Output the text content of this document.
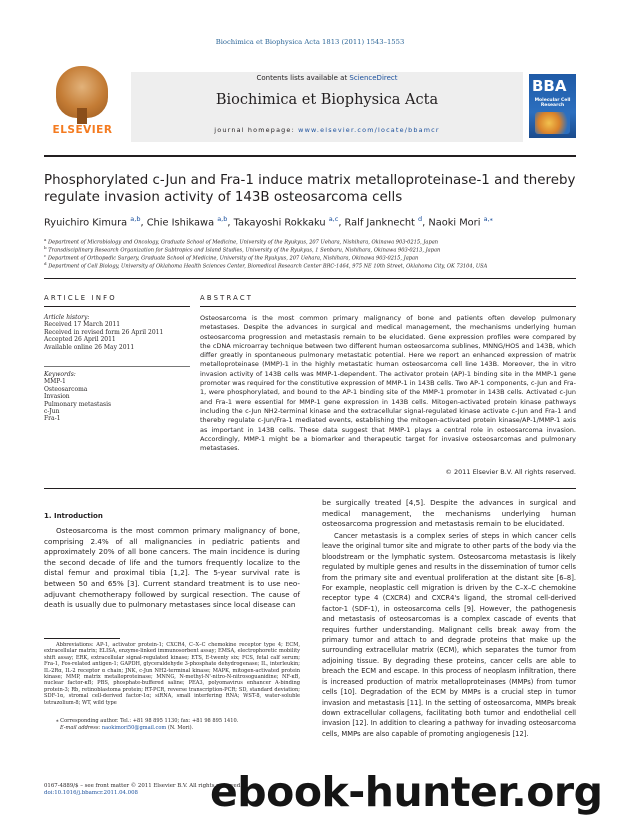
Biochimica et Biophysica Acta 1813 (2011) 1543–1553
ELSEVIER
Contents lists available at ScienceDirect
Biochimica et Biophysica Acta
journal homepage: www.elsevier.com/locate/bbamcr
BBA
Molecular Cell Research
Phosphorylated c-Jun and Fra-1 induce matrix metalloproteinase-1 and thereby regulate invasion activity of 143B osteosarcoma cells
Ryuichiro Kimura $^{a,b}$, Chie Ishikawa $^{a,b}$, Takayoshi Rokkaku $^{a,c}$, Ralf Janknecht $^d$, Naoki Mori $^{a,⁎}$
$^a$ Department of Microbiology and Oncology, Graduate School of Medicine, University of the Ryukyus, 207 Uehara, Nishihara, Okinawa 903-0215, Japan
$^b$ Transdisciplinary Research Organization for Subtropics and Island Studies, University of the Ryukyus, 1 Senbaru, Nishihara, Okinawa 903-0213, Japan
$^c$ Department of Orthopedic Surgery, Graduate School of Medicine, University of the Ryukyus, 207 Uehara, Nishihara, Okinawa 903-0215, Japan
$^d$ Department of Cell Biology, University of Oklahoma Health Sciences Center, Biomedical Research Center BRC-1464, 975 NE 10th Street, Oklahoma City, OK 73104, USA
ARTICLE INFO	ABSTRACT
Article history:
Received 17 March 2011
Received in revised form 26 April 2011
Accepted 26 April 2011
Available online 26 May 2011
Keywords:
MMP-1
Osteosarcoma
Invasion
Pulmonary metastasis
c-Jun
Fra-1
Osteosarcoma is the most common primary malignancy of bone and patients often develop pulmonary metastases. Despite the advances in surgical and medical management, the mechanisms underlying human osteosarcoma progression and metastasis remain to be elucidated. Gene expression profiles were compared by the cDNA microarray technique between two different human osteosarcoma sublines, MNNG/HOS and 143B, which differ greatly in spontaneous pulmonary metastatic potential. Here we report an enhanced expression of matrix metalloproteinase (MMP)-1 in the highly metastatic human osteosarcoma cell line 143B. Moreover, the in vitro invasion activity of 143B cells was MMP-1-dependent. The activator protein (AP)-1 binding site in the MMP-1 gene promoter was required for the constitutive expression of MMP-1 in 143B cells. Two AP-1 components, c-Jun and Fra-1, were phosphorylated, and bound to the AP-1 binding site of the MMP-1 promoter in 143B cells. Activated c-Jun and Fra-1 were essential for MMP-1 gene expression in 143B cells. Mitogen-activated protein kinase pathways including the c-Jun NH2-terminal kinase and the extracellular signal-regulated kinase activate c-Jun and Fra-1 and thereby regulate c-Jun/Fra-1 mediated events, establishing the mitogen-activated protein kinase/AP-1/MMP-1 axis as important in 143B cells. These data suggest that MMP-1 plays a central role in osteosarcoma invasion. Accordingly, MMP-1 might be a biomarker and therapeutic target for invasive osteosarcomas and pulmonary metastases.
© 2011 Elsevier B.V. All rights reserved.
1. Introduction
Osteosarcoma is the most common primary malignancy of bone, comprising 2.4% of all malignancies in pediatric patients and approximately 20% of all bone cancers. The main incidence is during the second decade of life and the tumors frequently localize to the distal femur and proximal tibia [1,2]. The 5-year survival rate is between 50 and 65% [3]. Current standard treatment is to use neo-adjuvant chemotherapy followed by surgical resection. The cause of death is usually due to pulmonary metastases since local disease can
Abbreviations: AP-1, activator protein-1; CXCR4, C–X–C chemokine receptor type 4; ECM, extracellular matrix; ELISA, enzyme-linked immunosorbent assay; EMSA, electrophoretic mobility shift assay; ERK, extracellular signal-regulated kinase; ETS, E-twenty six; FCS, fetal calf serum; Fra-1, Fos-related antigen-1; GAPDH, glyceraldehyde 3-phosphate dehydrogenase; IL, interleukin; IL-2Rα, IL-2 receptor α chain; JNK, c-Jun NH2-terminal kinase; MAPK, mitogen-activated protein kinase; MMP, matrix metalloproteinase; MNNG, N-methyl-N'-nitro-N-nitrosoguanidine; NF-κB, nuclear factor-κB; PBS, phosphate-buffered saline; PEA3, polyomavirus enhancer A-binding protein-3; Rb, retinoblastoma protein; RT-PCR, reverse transcription-PCR; SD, standard deviation; SDF-1α, stromal cell-derived factor-1α; siRNA, small interfering RNA; WST-8, water-soluble tetrazolium-8; WT, wild type
⁎ Corresponding author. Tel.: +81 98 895 1130; fax: +81 98 895 1410.
E-mail address: naokimori50@gmail.com (N. Mori).
be surgically treated [4,5]. Despite the advances in surgical and medical management, the mechanisms underlying human osteosarcoma progression and metastasis remain to be elucidated.
Cancer metastasis is a complex series of steps in which cancer cells leave the original tumor site and migrate to other parts of the body via the bloodstream or the lymphatic system. Osteosarcoma metastasis is likely regulated by multiple genes and results in the dissemination of tumor cells from the primary site and eventual proliferation at the distant site [6–8]. For example, neoplastic cell migration is driven by the C–X–C chemokine receptor type 4 (CXCR4) and CXCR4's ligand, the stromal cell-derived factor-1 (SDF-1), in osteosarcoma cells [9]. However, the pathogenesis and metastasis of osteosarcomas is a complex cascade of events that requires further understanding. Malignant cells break away from the primary tumor and attach to and degrade proteins that make up the surrounding extracellular matrix (ECM), which separates the tumor from adjoining tissue. By degrading these proteins, cancer cells are able to breach the ECM and escape. In this process of neoplasm infiltration, there is increased production of matrix metalloproteinases (MMPs) from tumor cells [10]. Degradation of the ECM by MMPs is a crucial step in tumor invasion and metastasis [11]. In the setting of osteosarcoma, MMPs break down extracellular collagens, facilitating both tumor and endothelial cell invasion [12]. In addition to clearing a pathway for invading osteosarcoma cells, MMPs are also capable of promoting angiogenesis [12].
0167-4889/$ – see front matter © 2011 Elsevier B.V. All rights reserved.
doi:10.1016/j.bbamcr.2011.04.008	ebook-hunter.org
